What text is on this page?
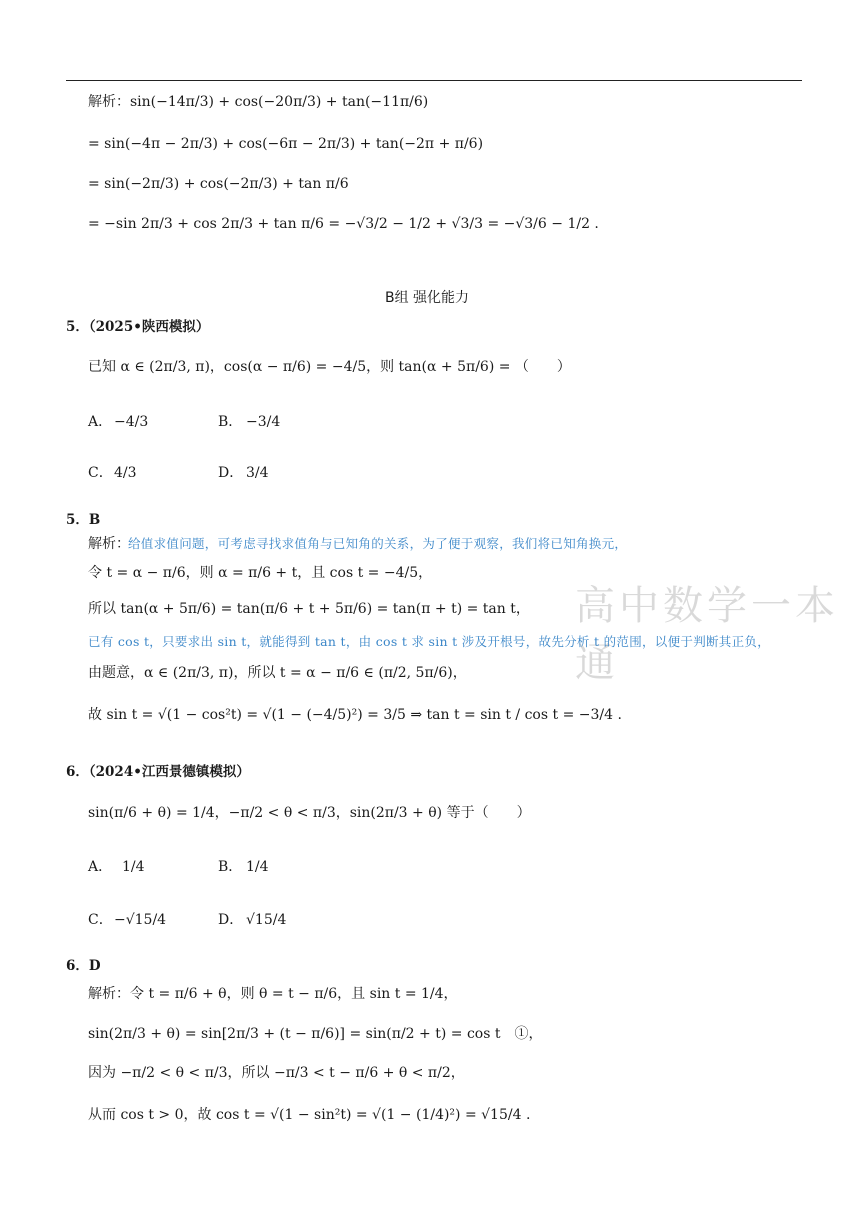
高中数学一本通
解析：sin(−14π/3) + cos(−20π/3) + tan(−11π/6)
= sin(−4π − 2π/3) + cos(−6π − 2π/3) + tan(−2π + π/6)
= sin(−2π/3) + cos(−2π/3) + tan π/6
= −sin 2π/3 + cos 2π/3 + tan π/6 = −√3/2 − 1/2 + √3/3 = −√3/6 − 1/2 .
B组 强化能力
5．（2025•陕西模拟）
已知 α ∈ (2π/3, π)，cos(α − π/6) = −4/5，则 tan(α + 5π/6) = （　　）
A． −4/3	B． −3/4
C． 4/3	D． 3/4
5．B
解析：
给值求值问题，可考虑寻找求值角与已知角的关系，为了便于观察，我们将已知角换元，
令 t = α − π/6，则 α = π/6 + t，且 cos t = −4/5，
所以 tan(α + 5π/6) = tan(π/6 + t + 5π/6) = tan(π + t) = tan t，
已有 cos t，只要求出 sin t，就能得到 tan t，由 cos t 求 sin t 涉及开根号，故先分析 t 的范围，以便于判断其正负，
由题意，α ∈ (2π/3, π)，所以 t = α − π/6 ∈ (π/2, 5π/6)，
故 sin t = √(1 − cos²t) = √(1 − (−4/5)²) = 3/5 ⇒ tan t = sin t / cos t = −3/4 .
6．（2024•江西景德镇模拟）
sin(π/6 + θ) = 1/4，−π/2 < θ < π/3，sin(2π/3 + θ) 等于（　　）
A． 1/4	B． 1/4
C． −√15/4	D． √15/4
6．D
解析：令 t = π/6 + θ，则 θ = t − π/6，且 sin t = 1/4，
sin(2π/3 + θ) = sin[2π/3 + (t − π/6)] = sin(π/2 + t) = cos t　①，
因为 −π/2 < θ < π/3，所以 −π/3 < t − π/6 + θ < π/2，
从而 cos t > 0，故 cos t = √(1 − sin²t) = √(1 − (1/4)²) = √15/4 .
